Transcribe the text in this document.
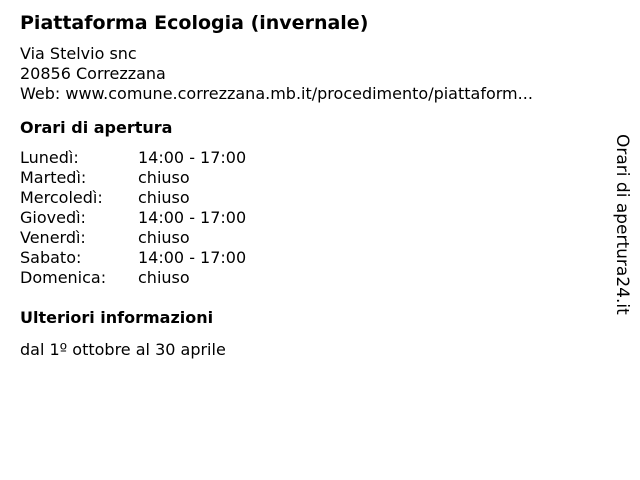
Piattaforma Ecologia (invernale)
Via Stelvio snc
20856 Correzzana
Web: www.comune.correzzana.mb.it/procedimento/piattaform...
Orari di apertura
Lunedì:	14:00 - 17:00
Martedì:	chiuso
Mercoledì:	chiuso
Giovedì:	14:00 - 17:00
Venerdì:	chiuso
Sabato:	14:00 - 17:00
Domenica:	chiuso
Ulteriori informazioni
dal 1º ottobre al 30 aprile
Orari di apertura24.it
